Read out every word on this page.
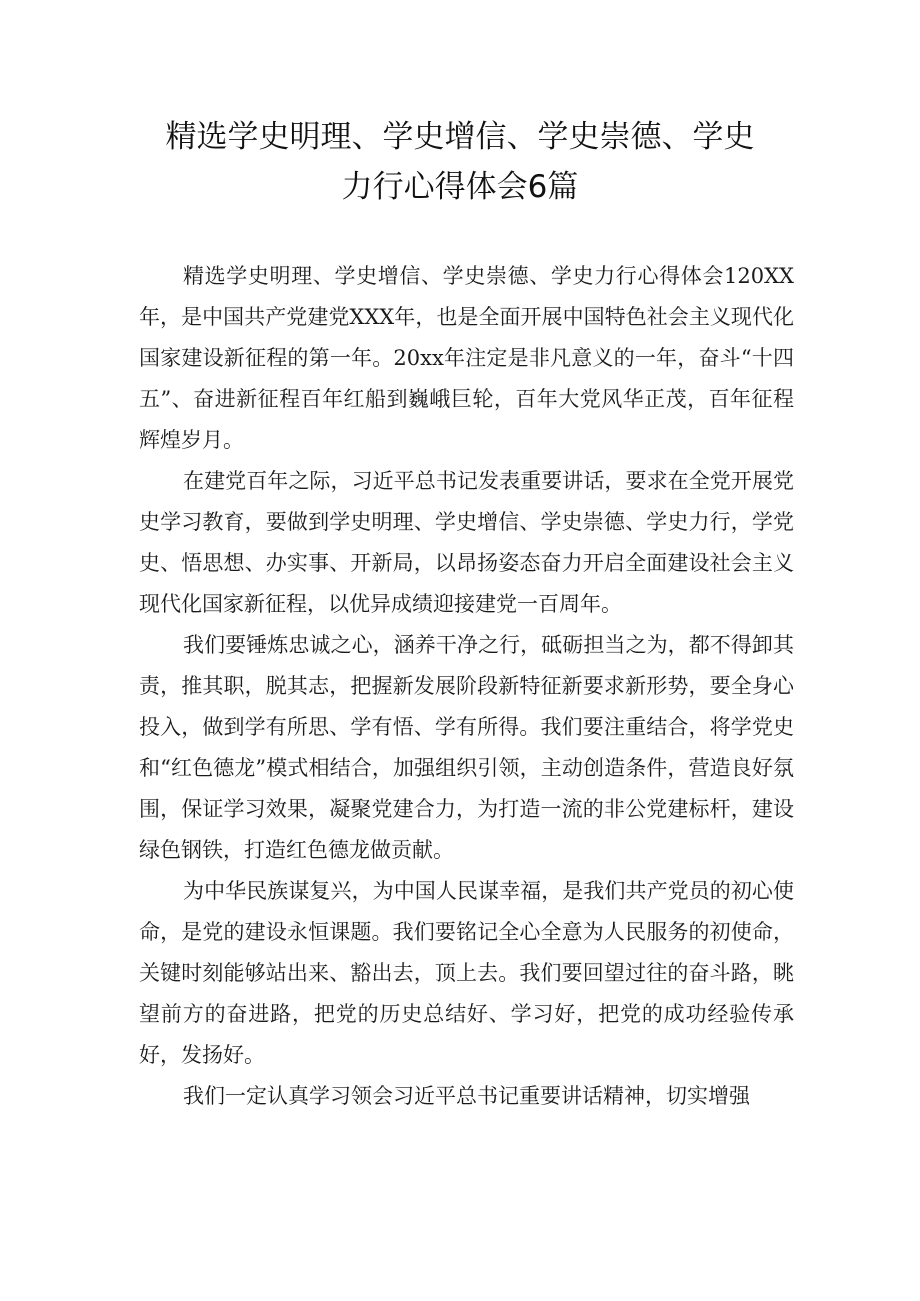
精选学史明理、学史增信、学史崇德、学史
力行心得体会6篇

精选学史明理、学史增信、学史崇德、学史力行心得体会120XX年，是中国共产党建党XXX年，也是全面开展中国特色社会主义现代化国家建设新征程的第一年。20xx年注定是非凡意义的一年，奋斗“十四五”、奋进新征程百年红船到巍峨巨轮，百年大党风华正茂，百年征程辉煌岁月。

在建党百年之际，习近平总书记发表重要讲话，要求在全党开展党史学习教育，要做到学史明理、学史增信、学史崇德、学史力行，学党史、悟思想、办实事、开新局，以昂扬姿态奋力开启全面建设社会主义现代化国家新征程，以优异成绩迎接建党一百周年。

我们要锤炼忠诚之心，涵养干净之行，砥砺担当之为，都不得卸其责，推其职，脱其志，把握新发展阶段新特征新要求新形势，要全身心投入，做到学有所思、学有悟、学有所得。我们要注重结合，将学党史和“红色德龙”模式相结合，加强组织引领，主动创造条件，营造良好氛围，保证学习效果，凝聚党建合力，为打造一流的非公党建标杆，建设绿色钢铁，打造红色德龙做贡献。

为中华民族谋复兴，为中国人民谋幸福，是我们共产党员的初心使命，是党的建设永恒课题。我们要铭记全心全意为人民服务的初使命，关键时刻能够站出来、豁出去，顶上去。我们要回望过往的奋斗路，眺望前方的奋进路，把党的历史总结好、学习好，把党的成功经验传承好，发扬好。

我们一定认真学习领会习近平总书记重要讲话精神，切实增强
